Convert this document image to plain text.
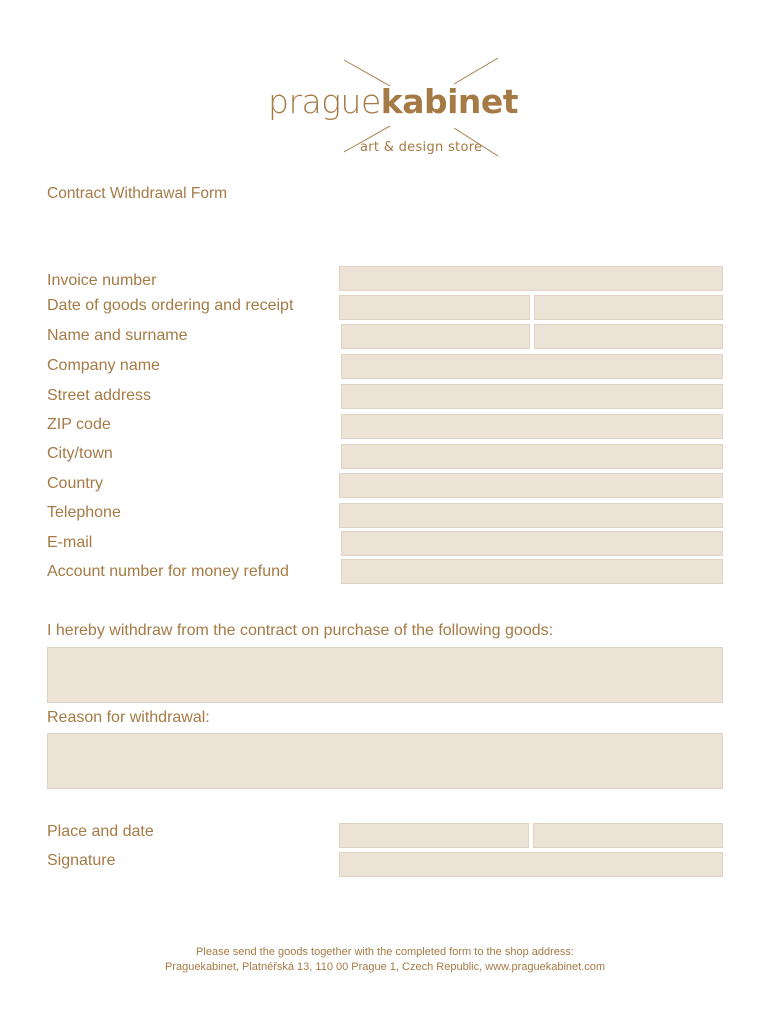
praguekabinet
art & design store
Contract Withdrawal Form
Invoice number
Date of goods ordering and receipt
Name and surname
Company name
Street address
ZIP code
City/town
Country
Telephone
E-mail
Account number for money refund
I hereby withdraw from the contract on purchase of the following goods:
Reason for withdrawal:
Place and date
Signature
Please send the goods together with the completed form to the shop address:
Praguekabinet, Platnéřská 13, 110 00 Prague 1, Czech Republic, www.praguekabinet.com
